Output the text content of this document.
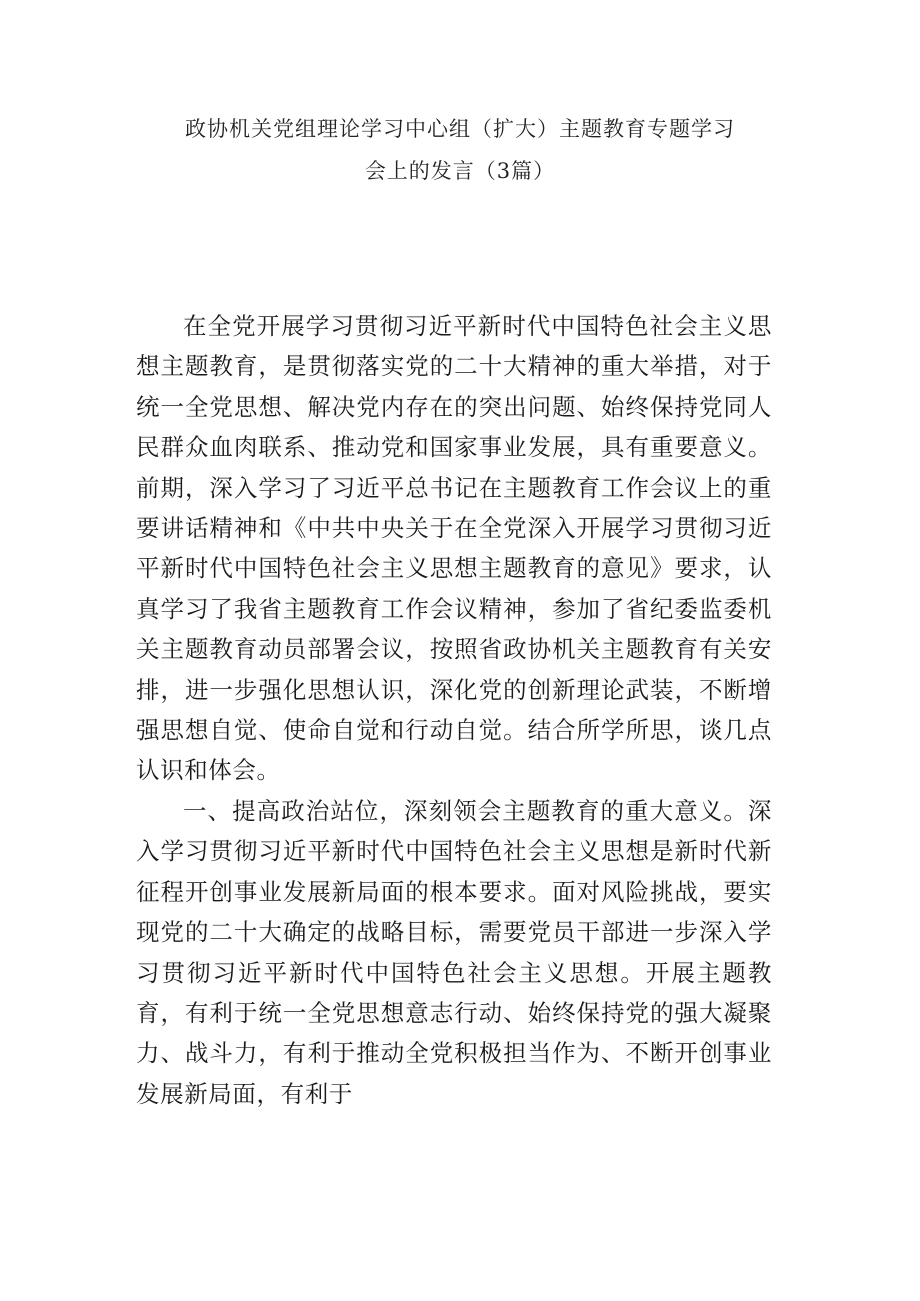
政协机关党组理论学习中心组（扩大）主题教育专题学习
会上的发言（3篇）

在全党开展学习贯彻习近平新时代中国特色社会主义思想主题教育，是贯彻落实党的二十大精神的重大举措，对于统一全党思想、解决党内存在的突出问题、始终保持党同人民群众血肉联系、推动党和国家事业发展，具有重要意义。前期，深入学习了习近平总书记在主题教育工作会议上的重要讲话精神和《中共中央关于在全党深入开展学习贯彻习近平新时代中国特色社会主义思想主题教育的意见》要求，认真学习了我省主题教育工作会议精神，参加了省纪委监委机关主题教育动员部署会议，按照省政协机关主题教育有关安排，进一步强化思想认识，深化党的创新理论武装，不断增强思想自觉、使命自觉和行动自觉。结合所学所思，谈几点认识和体会。

一、提高政治站位，深刻领会主题教育的重大意义。深入学习贯彻习近平新时代中国特色社会主义思想是新时代新征程开创事业发展新局面的根本要求。面对风险挑战，要实现党的二十大确定的战略目标，需要党员干部进一步深入学习贯彻习近平新时代中国特色社会主义思想。开展主题教育，有利于统一全党思想意志行动、始终保持党的强大凝聚力、战斗力，有利于推动全党积极担当作为、不断开创事业发展新局面，有利于
